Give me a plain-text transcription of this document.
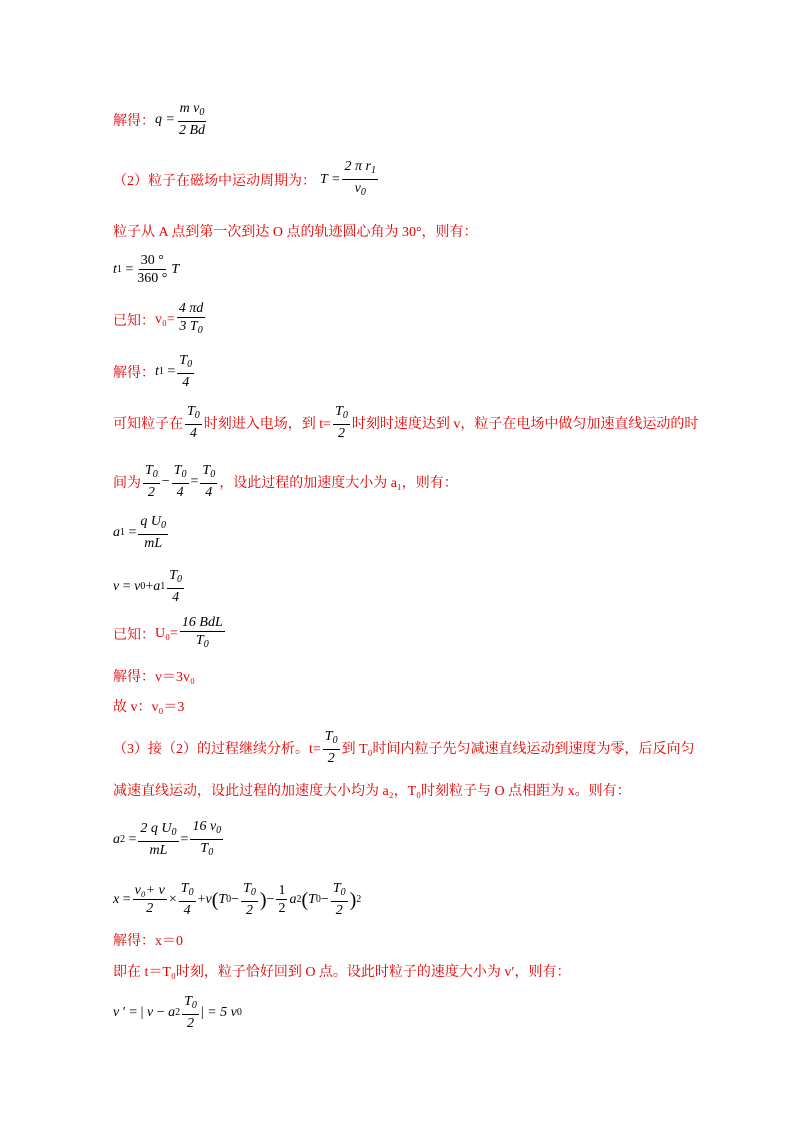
解得： $q = \frac{m v_0}{2 Bd}$
（2）粒子在磁场中运动周期为： $T = \frac{2 \pi r_1}{v_0}$
粒子从 A 点到第一次到达 O 点的轨迹圆心角为 30°，则有：
t $1 = \frac{30 ^\circ}{360 ^\circ}$ T
已知： $v_0= \frac{4 \pi d}{3 T_0}$
解得： t $1 = \frac{T_0}{4}$
可知粒子在 $\frac{T_0}{4}$ 时刻进入电场，到 $t= \frac{T_0}{2}$ 时刻时速度达到 v，粒子在电场中做匀加速直线运动的时
间为 $\frac{T_0}{2} - \frac{T_0}{4} = \frac{T_0}{4}$ ，设此过程的加速度大小为 a₁，则有：
a $1 = \frac{q U_0}{mL}$
v = v 0 + a $1 \frac{T_0}{4}$
已知： $U_0= \frac{\text{16 BdL}}{T_0}$
解得：v＝3v₀
故 v：v₀＝3
（3）接（2）的过程继续分析。$t= \frac{T_0}{2}$ 到 T₀时间内粒子先匀减速直线运动到速度为零，后反向匀
减速直线运动，设此过程的加速度大小均为 a₂，T₀时刻粒子与 O 点相距为 x。则有：
a $2 = \frac{2 q U_0}{mL} = \frac{16 v_0}{T_0}$
$x = \frac{\text{v₀+ v}}{2} \times \frac{T_0}{4} + v$ ( T $0 - \frac{T_0}{2}$ ) − $\frac{1}{2}$ a 2 ( T $0 - \frac{T_0}{2}$ ) 2
解得：x＝0
即在 t＝T₀时刻，粒子恰好回到 O 点。设此时粒子的速度大小为 v′，则有：
v ′ = | v − a $2 \frac{T_0}{2}$ | = 5 v 0
